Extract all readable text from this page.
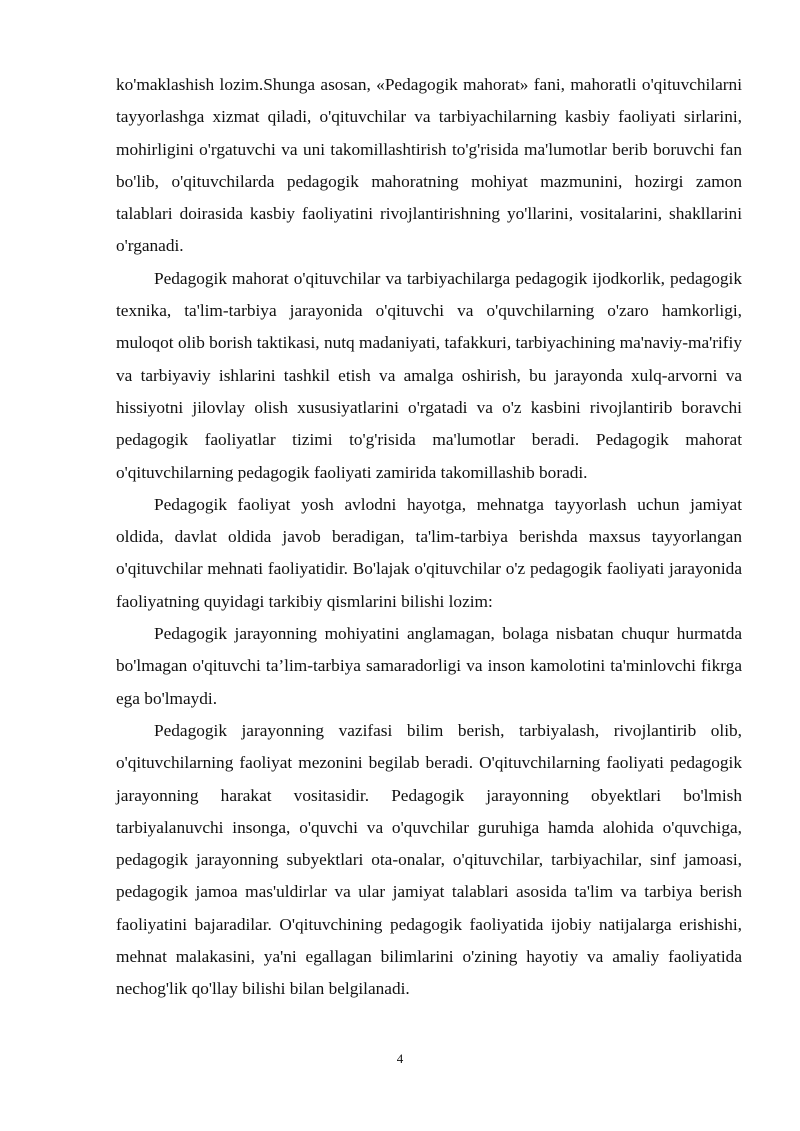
ko'maklashish lozim.Shunga asosan, «Pedagogik mahorat» fani, mahoratli o'qituvchilarni tayyorlashga xizmat qiladi, o'qituvchilar va tarbiyachilarning kasbiy faoliyati sirlarini, mohirligini o'rgatuvchi va uni takomillashtirish to'g'risida ma'lumotlar berib boruvchi fan bo'lib, o'qituvchilarda pedagogik mahoratning mohiyat mazmunini, hozirgi zamon talablari doirasida kasbiy faoliyatini rivojlantirishning yo'llarini, vositalarini, shakllarini o'rganadi.

Pedagogik mahorat o'qituvchilar va tarbiyachilarga pedagogik ijodkorlik, pedagogik texnika, ta'lim-tarbiya jarayonida o'qituvchi va o'quvchilarning o'zaro hamkorligi, muloqot olib borish taktikasi, nutq madaniyati, tafakkuri, tarbiyachining ma'naviy-ma'rifiy va tarbiyaviy ishlarini tashkil etish va amalga oshirish, bu jarayonda xulq-arvorni va hissiyotni jilovlay olish xususiyatlarini o'rgatadi va o'z kasbini rivojlantirib boravchi pedagogik faoliyatlar tizimi to'g'risida ma'lumotlar beradi. Pedagogik mahorat o'qituvchilarning pedagogik faoliyati zamirida takomillashib boradi.

Pedagogik faoliyat yosh avlodni hayotga, mehnatga tayyorlash uchun jamiyat oldida, davlat oldida javob beradigan, ta'lim-tarbiya berishda maxsus tayyorlangan o'qituvchilar mehnati faoliyatidir. Bo'lajak o'qituvchilar o'z pedagogik faoliyati jarayonida faoliyatning quyidagi tarkibiy qismlarini bilishi lozim:

Pedagogik jarayonning mohiyatini anglamagan, bolaga nisbatan chuqur hurmatda bo'lmagan o'qituvchi ta’lim-tarbiya samaradorligi va inson kamolotini ta'minlovchi fikrga ega bo'lmaydi.

Pedagogik jarayonning vazifasi bilim berish, tarbiyalash, rivojlantirib olib, o'qituvchilarning faoliyat mezonini begilab beradi. O'qituvchilarning faoliyati pedagogik jarayonning harakat vositasidir. Pedagogik jarayonning obyektlari bo'lmish tarbiyalanuvchi insonga, o'quvchi va o'quvchilar guruhiga hamda alohida o'quvchiga, pedagogik jarayonning subyektlari ota-onalar, o'qituvchilar, tarbiyachilar, sinf jamoasi, pedagogik jamoa mas'uldirlar va ular jamiyat talablari asosida ta'lim va tarbiya berish faoliyatini bajaradilar. O'qituvchining pedagogik faoliyatida ijobiy natijalarga erishishi, mehnat malakasini, ya'ni egallagan bilimlarini o'zining hayotiy va amaliy faoliyatida nechog'lik qo'llay bilishi bilan belgilanadi.

4
